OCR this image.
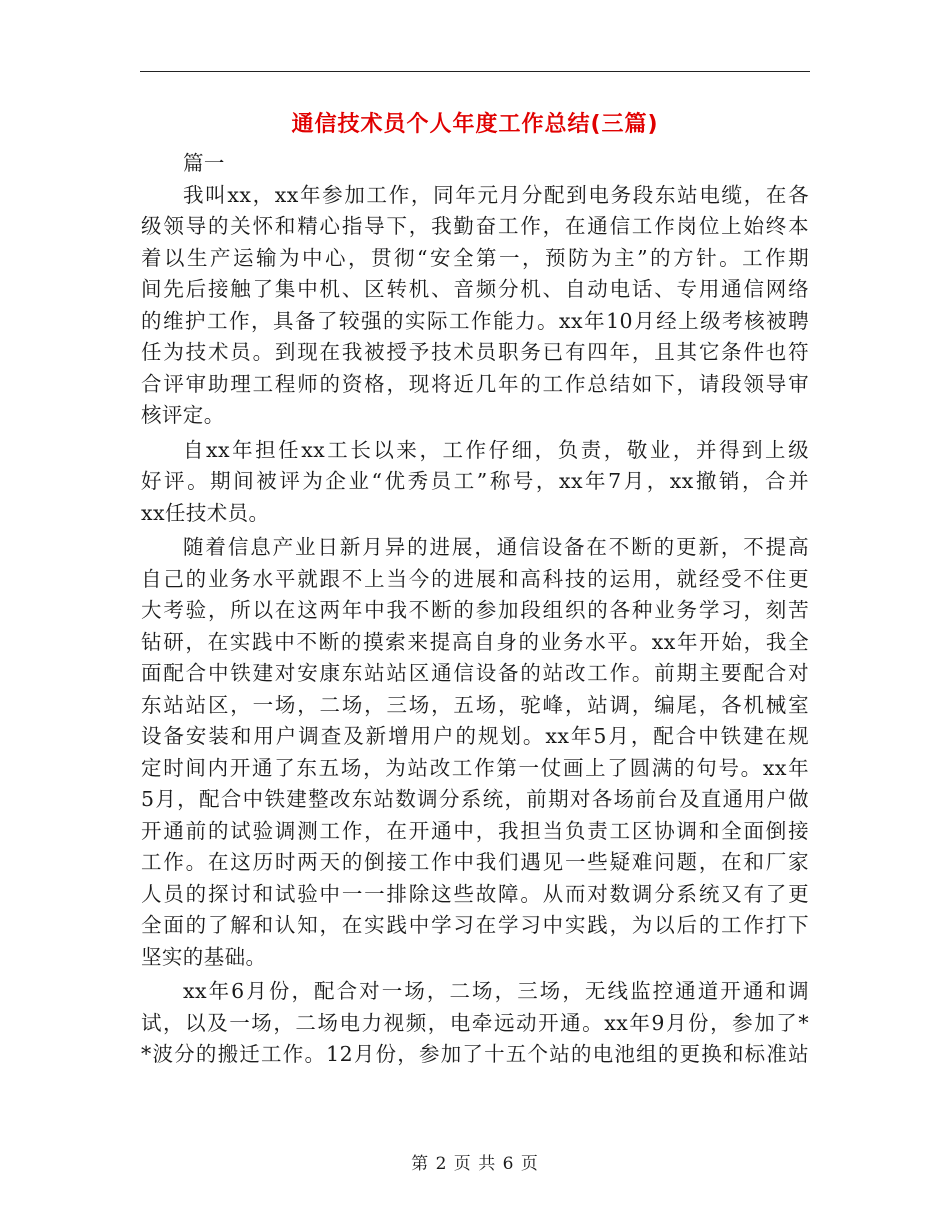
通信技术员个人年度工作总结(三篇)
篇一
我叫xx，xx年参加工作，同年元月分配到电务段东站电缆，在各
级领导的关怀和精心指导下，我勤奋工作，在通信工作岗位上始终本
着以生产运输为中心，贯彻“安全第一，预防为主”的方针。工作期
间先后接触了集中机、区转机、音频分机、自动电话、专用通信网络
的维护工作，具备了较强的实际工作能力。xx年10月经上级考核被聘
任为技术员。到现在我被授予技术员职务已有四年，且其它条件也符
合评审助理工程师的资格，现将近几年的工作总结如下，请段领导审
核评定。
自xx年担任xx工长以来，工作仔细，负责，敬业，并得到上级
好评。期间被评为企业“优秀员工”称号，xx年7月，xx撤销，合并
xx任技术员。
随着信息产业日新月异的进展，通信设备在不断的更新，不提高
自己的业务水平就跟不上当今的进展和高科技的运用，就经受不住更
大考验，所以在这两年中我不断的参加段组织的各种业务学习，刻苦
钻研，在实践中不断的摸索来提高自身的业务水平。xx年开始，我全
面配合中铁建对安康东站站区通信设备的站改工作。前期主要配合对
东站站区，一场，二场，三场，五场，驼峰，站调，编尾，各机械室
设备安装和用户调查及新增用户的规划。xx年5月，配合中铁建在规
定时间内开通了东五场，为站改工作第一仗画上了圆满的句号。xx年
5月，配合中铁建整改东站数调分系统，前期对各场前台及直通用户做
开通前的试验调测工作，在开通中，我担当负责工区协调和全面倒接
工作。在这历时两天的倒接工作中我们遇见一些疑难问题，在和厂家
人员的探讨和试验中一一排除这些故障。从而对数调分系统又有了更
全面的了解和认知，在实践中学习在学习中实践，为以后的工作打下
坚实的基础。
xx年6月份，配合对一场，二场，三场，无线监控通道开通和调
试，以及一场，二场电力视频，电牵远动开通。xx年9月份，参加了*
*波分的搬迁工作。12月份，参加了十五个站的电池组的更换和标准站
第 2 页 共 6 页
